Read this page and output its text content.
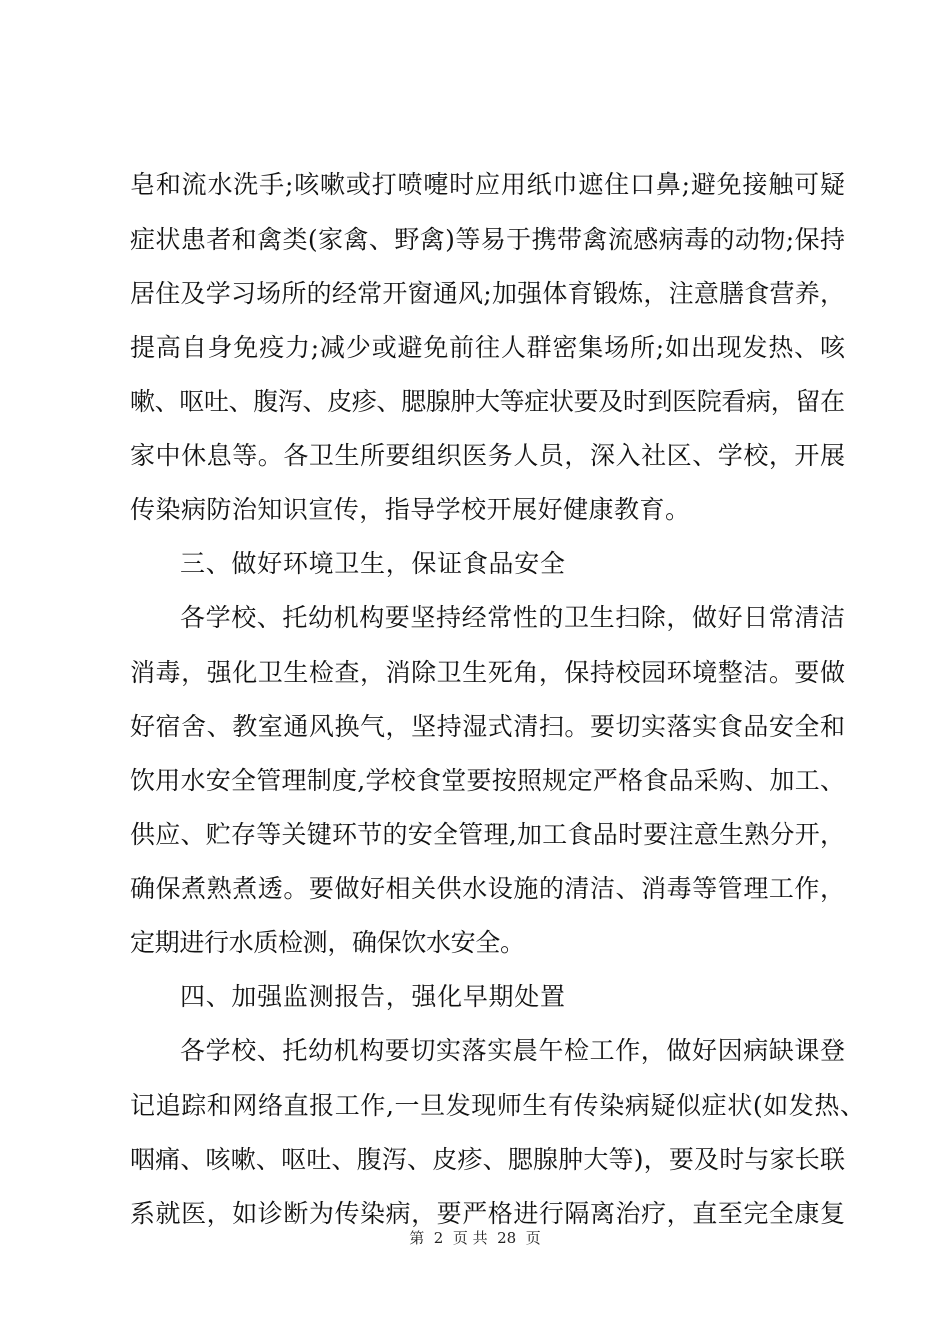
皂和流水洗手;咳嗽或打喷嚏时应用纸巾遮住口鼻;避免接触可疑
症状患者和禽类(家禽、野禽)等易于携带禽流感病毒的动物;保持
居住及学习场所的经常开窗通风;加强体育锻炼，注意膳食营养，
提高自身免疫力;减少或避免前往人群密集场所;如出现发热、咳
嗽、呕吐、腹泻、皮疹、腮腺肿大等症状要及时到医院看病，留在
家中休息等。各卫生所要组织医务人员，深入社区、学校，开展
传染病防治知识宣传，指导学校开展好健康教育。
三、做好环境卫生，保证食品安全
各学校、托幼机构要坚持经常性的卫生扫除，做好日常清洁
消毒，强化卫生检查，消除卫生死角，保持校园环境整洁。要做
好宿舍、教室通风换气，坚持湿式清扫。要切实落实食品安全和
饮用水安全管理制度,学校食堂要按照规定严格食品采购、加工、
供应、贮存等关键环节的安全管理,加工食品时要注意生熟分开，
确保煮熟煮透。要做好相关供水设施的清洁、消毒等管理工作，
定期进行水质检测，确保饮水安全。
四、加强监测报告，强化早期处置
各学校、托幼机构要切实落实晨午检工作，做好因病缺课登
记追踪和网络直报工作,一旦发现师生有传染病疑似症状(如发热、
咽痛、咳嗽、呕吐、腹泻、皮疹、腮腺肿大等)，要及时与家长联
系就医，如诊断为传染病，要严格进行隔离治疗，直至完全康复
第  2  页 共  28  页
